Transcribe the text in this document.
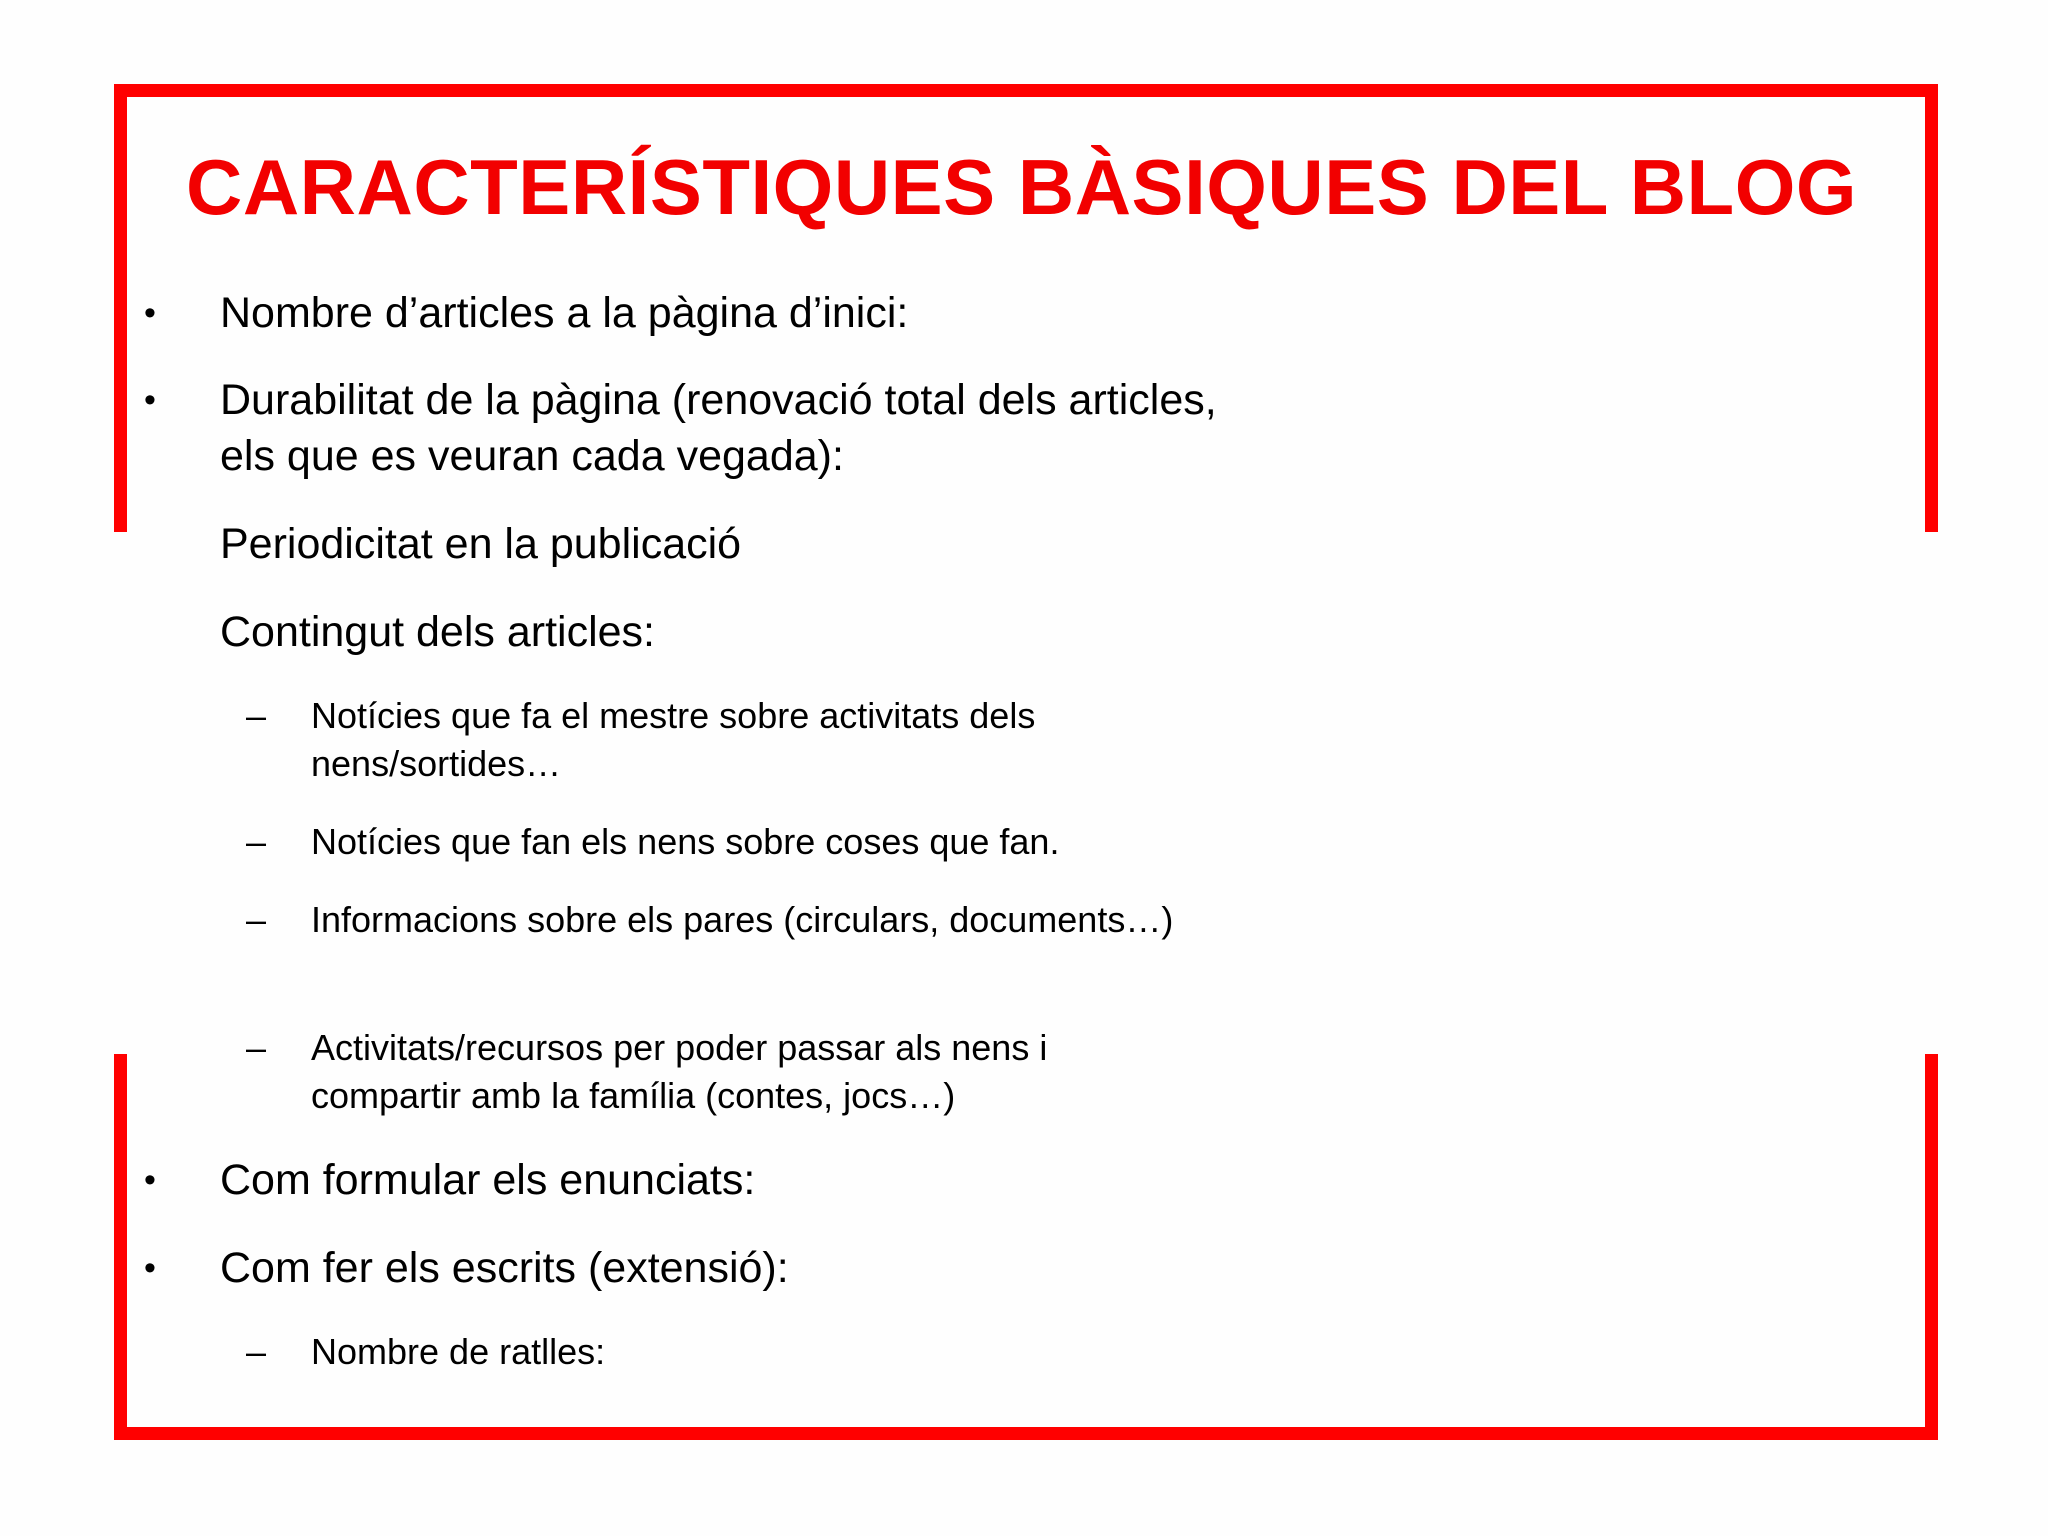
CARACTERÍSTIQUES BÀSIQUES DEL BLOG
• Nombre d’articles a la pàgina d’inici:
• Durabilitat de la pàgina (renovació total dels articles, els que es veuran cada vegada):
Periodicitat en la publicació
Contingut dels articles:
– Notícies que fa el mestre sobre activitats dels nens/sortides…
– Notícies que fan els nens sobre coses que fan.
– Informacions sobre els pares (circulars, documents…)
– Activitats/recursos per poder passar als nens i compartir amb la família (contes, jocs…)
• Com formular els enunciats:
• Com fer els escrits (extensió):
– Nombre de ratlles:
